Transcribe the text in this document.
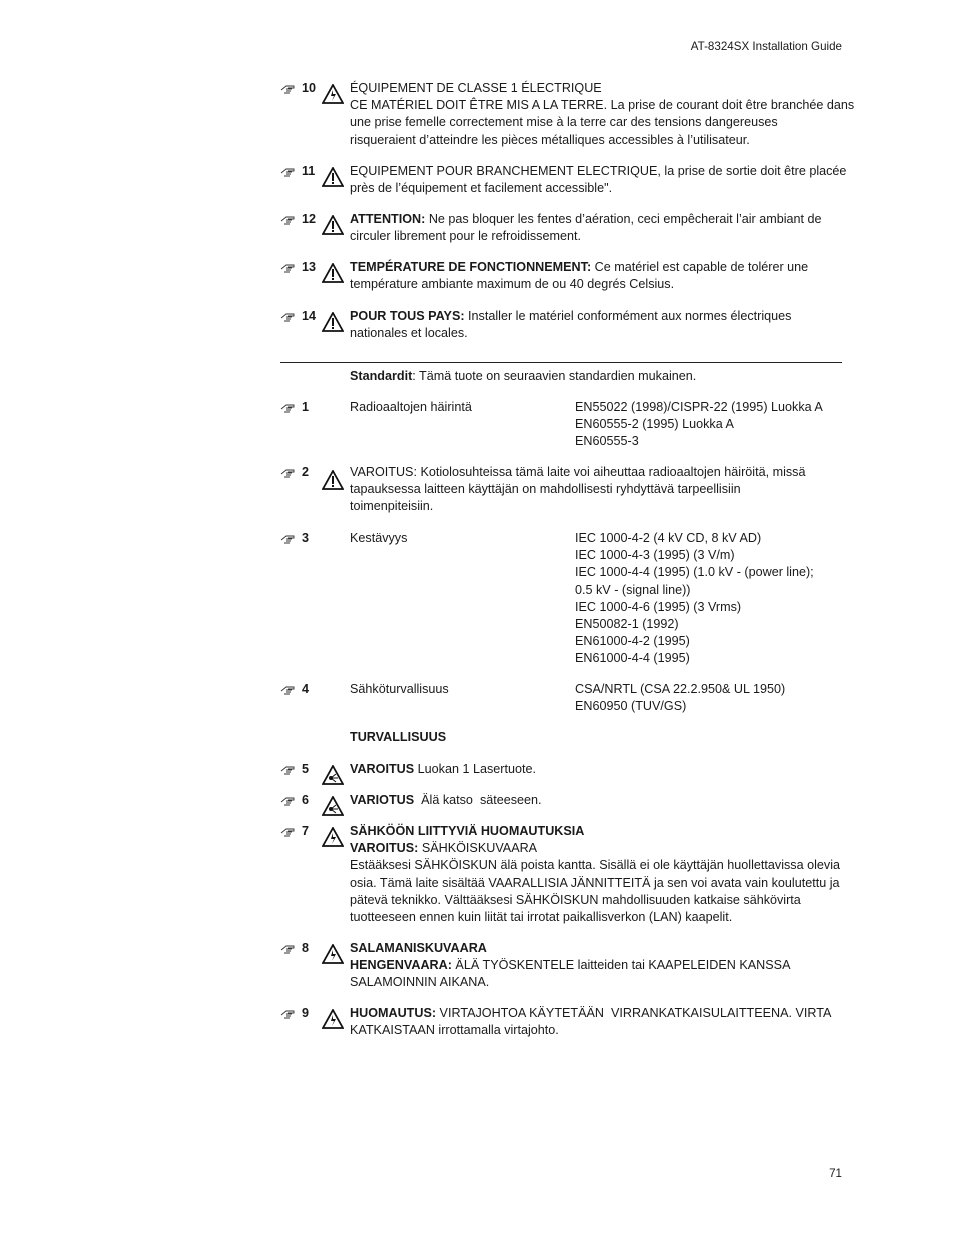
AT-8324SX Installation Guide
10	ÉQUIPEMENT DE CLASSE 1 ÉLECTRIQUE
CE MATÉRIEL DOIT ÊTRE MIS A LA TERRE. La prise de courant doit être branchée dans
une prise femelle correctement mise à la terre car des tensions dangereuses
risqueraient d’atteindre les pièces métalliques accessibles à l’utilisateur.
11	EQUIPEMENT POUR BRANCHEMENT ELECTRIQUE, la prise de sortie doit être placée
près de l’équipement et facilement accessible".
12	ATTENTION: Ne pas bloquer les fentes d’aération, ceci empêcherait l’air ambiant de
circuler librement pour le refroidissement.
13	TEMPÉRATURE DE FONCTIONNEMENT: Ce matériel est capable de tolérer une
température ambiante maximum de ou 40 degrés Celsius.
14	POUR TOUS PAYS: Installer le matériel conformément aux normes électriques
nationales et locales.
Standardit: Tämä tuote on seuraavien standardien mukainen.
1	Radioaaltojen häirintä	EN55022 (1998)/CISPR-22 (1995) Luokka A
EN60555-2 (1995) Luokka A
EN60555-3
2	VAROITUS: Kotiolosuhteissa tämä laite voi aiheuttaa radioaaltojen häiröitä, missä
tapauksessa laitteen käyttäjän on mahdollisesti ryhdyttävä tarpeellisiin
toimenpiteisiin.
3	Kestävyys	IEC 1000-4-2 (4 kV CD, 8 kV AD)
IEC 1000-4-3 (1995) (3 V/m)
IEC 1000-4-4 (1995) (1.0 kV - (power line);
0.5 kV - (signal line))
IEC 1000-4-6 (1995) (3 Vrms)
EN50082-1 (1992)
EN61000-4-2 (1995)
EN61000-4-4 (1995)
4	Sähköturvallisuus	CSA/NRTL (CSA 22.2.950& UL 1950)
EN60950 (TUV/GS)
TURVALLISUUS
5	VAROITUS Luokan 1 Lasertuote.
6	VARIOTUS  Älä katso  säteeseen.
7	SÄHKÖÖN LIITTYVIÄ HUOMAUTUKSIA
VAROITUS: SÄHKÖISKUVAARA
Estääksesi SÄHKÖISKUN älä poista kantta. Sisällä ei ole käyttäjän huollettavissa olevia
osia. Tämä laite sisältää VAARALLISIA JÄNNITTEITÄ ja sen voi avata vain koulutettu ja
pätevä teknikko. Välttääksesi SÄHKÖISKUN mahdollisuuden katkaise sähkövirta
tuotteeseen ennen kuin liität tai irrotat paikallisverkon (LAN) kaapelit.
8	SALAMANISKUVAARA
HENGENVAARA: ÄLÄ TYÖSKENTELE laitteiden tai KAAPELEIDEN KANSSA
SALAMOINNIN AIKANA.
9	HUOMAUTUS: VIRTAJOHTOA KÄYTETÄÄN  VIRRANKATKAISULAITTEENA. VIRTA
KATKAISTAAN irrottamalla virtajohto.
71
